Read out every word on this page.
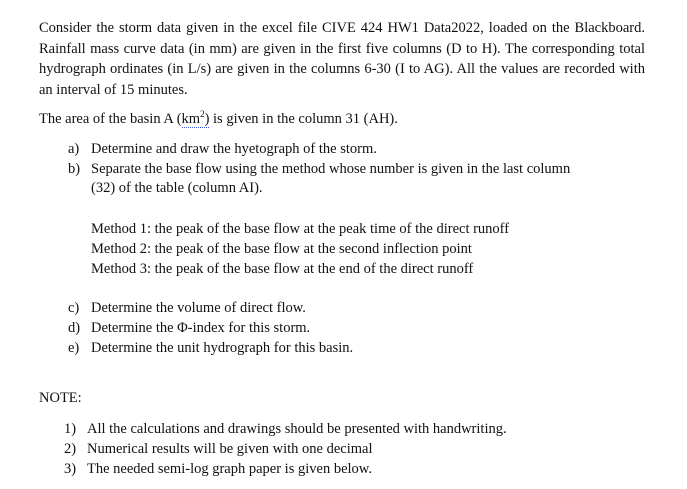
Consider the storm data given in the excel file CIVE 424 HW1 Data2022, loaded on the Blackboard. Rainfall mass curve data (in mm) are given in the first five columns (D to H). The corresponding total hydrograph ordinates (in L/s) are given in the columns 6-30 (I to AG). All the values are recorded with an interval of 15 minutes.
The area of the basin A $(km^2)$ is given in the column 31 (AH).
a) Determine and draw the hyetograph of the storm.
b) Separate the base flow using the method whose number is given in the last column
(32) of the table (column AI).
Method 1: the peak of the base flow at the peak time of the direct runoff
Method 2: the peak of the base flow at the second inflection point
Method 3: the peak of the base flow at the end of the direct runoff
c) Determine the volume of direct flow.
d) Determine the Φ-index for this storm.
e) Determine the unit hydrograph for this basin.
NOTE:
1) All the calculations and drawings should be presented with handwriting.
2) Numerical results will be given with one decimal
3) The needed semi-log graph paper is given below.
